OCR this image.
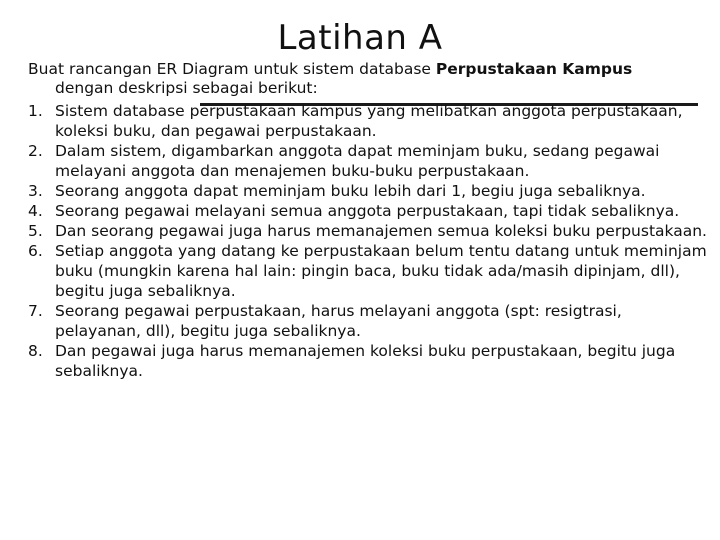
Latihan A
Buat rancangan ER Diagram untuk sistem database Perpustakaan Kampus
dengan deskripsi sebagai berikut:
1. Sistem database perpustakaan kampus yang melibatkan anggota perpustakaan, koleksi buku, dan pegawai perpustakaan.
2. Dalam sistem, digambarkan anggota dapat meminjam buku, sedang pegawai melayani anggota dan menajemen buku-buku perpustakaan.
3. Seorang anggota dapat meminjam buku lebih dari 1, begiu juga sebaliknya.
4. Seorang pegawai melayani semua anggota perpustakaan, tapi tidak sebaliknya.
5. Dan seorang pegawai juga harus memanajemen semua koleksi buku perpustakaan.
6. Setiap anggota yang datang ke perpustakaan belum tentu datang untuk meminjam buku (mungkin karena hal lain: pingin baca, buku tidak ada/masih dipinjam, dll), begitu juga sebaliknya.
7. Seorang pegawai perpustakaan, harus melayani anggota (spt: resigtrasi, pelayanan, dll), begitu juga sebaliknya.
8. Dan pegawai juga harus memanajemen koleksi buku perpustakaan, begitu juga sebaliknya.
